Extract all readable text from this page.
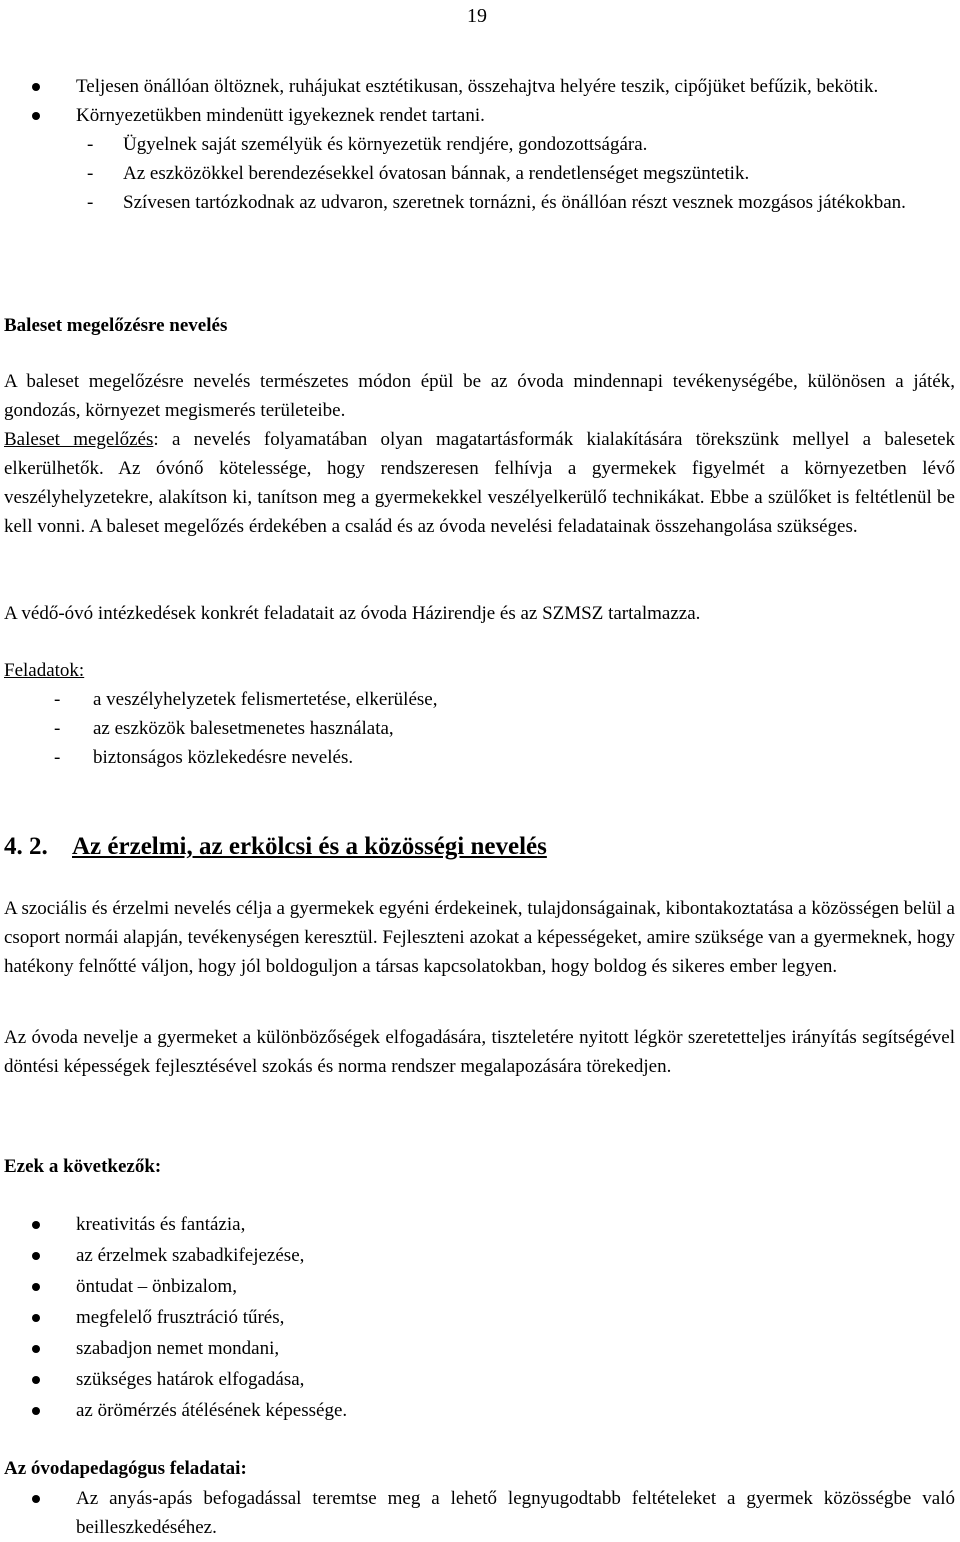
19
Teljesen önállóan öltöznek, ruhájukat esztétikusan, összehajtva helyére teszik, cipőjüket befűzik, bekötik.
Környezetükben mindenütt igyekeznek rendet tartani.
- Ügyelnek saját személyük és környezetük rendjére, gondozottságára.
- Az eszközökkel berendezésekkel óvatosan bánnak, a rendetlenséget megszüntetik.
- Szívesen tartózkodnak az udvaron, szeretnek tornázni, és önállóan részt vesznek mozgásos játékokban.
Baleset megelőzésre nevelés
A baleset megelőzésre nevelés természetes módon épül be az óvoda mindennapi tevékenységébe, különösen a játék, gondozás, környezet megismerés területeibe.
Baleset megelőzés: a nevelés folyamatában olyan magatartásformák kialakítására törekszünk mellyel a balesetek elkerülhetők. Az óvónő kötelessége, hogy rendszeresen felhívja a gyermekek figyelmét a környezetben lévő veszélyhelyzetekre, alakítson ki, tanítson meg a gyermekekkel veszélyelkerülő technikákat. Ebbe a szülőket is feltétlenül be kell vonni. A baleset megelőzés érdekében a család és az óvoda nevelési feladatainak összehangolása szükséges.
A védő-óvó intézkedések konkrét feladatait az óvoda Házirendje és az SZMSZ tartalmazza.
Feladatok:
- a veszélyhelyzetek felismertetése, elkerülése,
- az eszközök balesetmenetes használata,
- biztonságos közlekedésre nevelés.
4. 2. Az érzelmi, az erkölcsi és a közösségi nevelés
A szociális és érzelmi nevelés célja a gyermekek egyéni érdekeinek, tulajdonságainak, kibontakoztatása a közösségen belül a csoport normái alapján, tevékenységen keresztül. Fejleszteni azokat a képességeket, amire szüksége van a gyermeknek, hogy hatékony felnőtté váljon, hogy jól boldoguljon a társas kapcsolatokban, hogy boldog és sikeres ember legyen.
Az óvoda nevelje a gyermeket a különbözőségek elfogadására, tiszteletére nyitott légkör szeretetteljes irányítás segítségével döntési képességek fejlesztésével szokás és norma rendszer megalapozására törekedjen.
Ezek a következők:
kreativitás és fantázia,
az érzelmek szabadkifejezése,
öntudat – önbizalom,
megfelelő frusztráció tűrés,
szabadjon nemet mondani,
szükséges határok elfogadása,
az örömérzés átélésének képessége.
Az óvodapedagógus feladatai:
Az anyás-apás befogadással teremtse meg a lehető legnyugodtabb feltételeket a gyermek közösségbe való beilleszkedéséhez.
